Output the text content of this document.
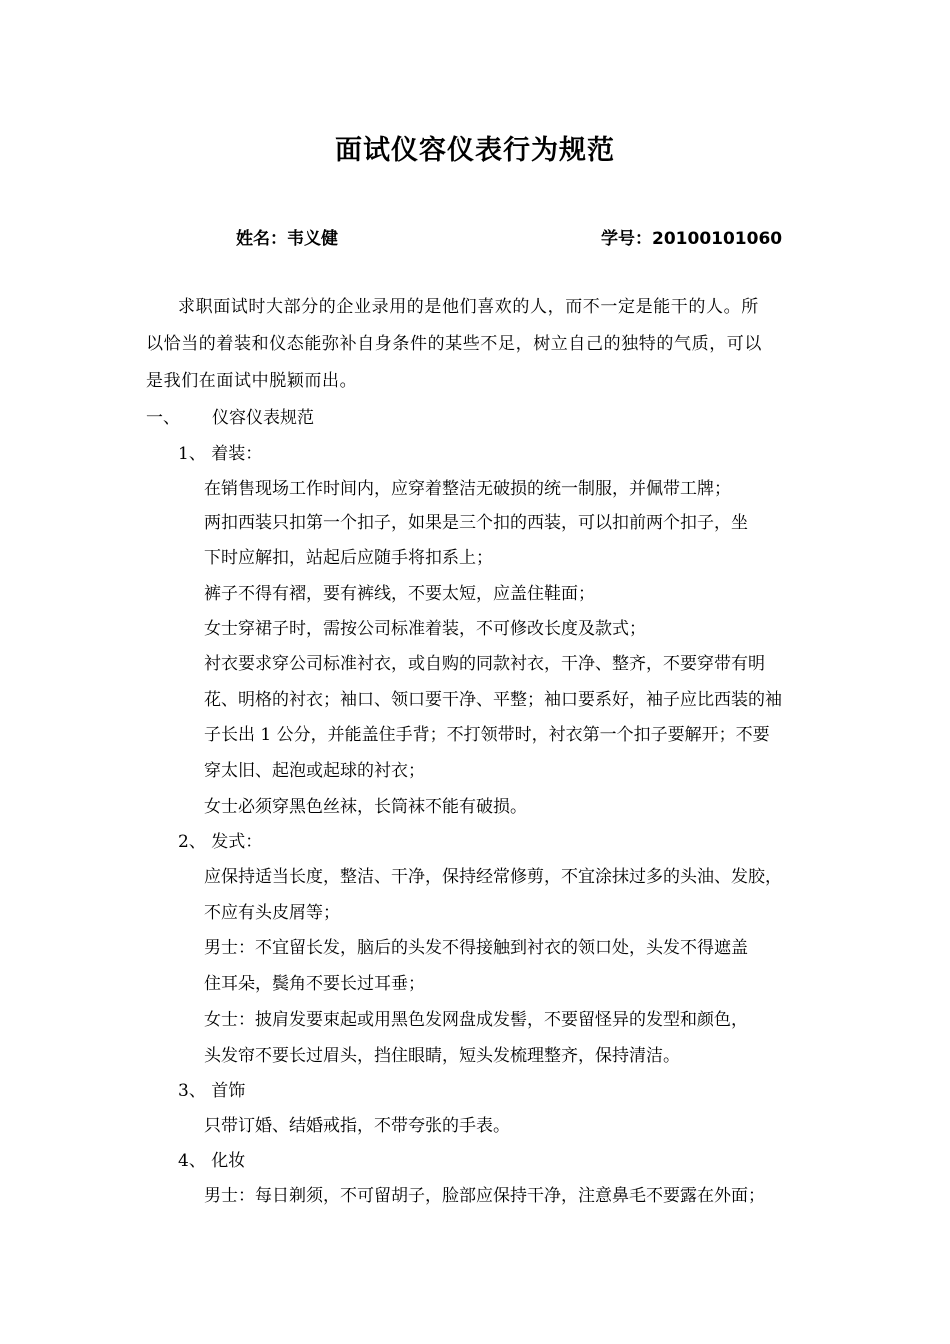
面试仪容仪表行为规范
姓名：韦义健	学号：20100101060
求职面试时大部分的企业录用的是他们喜欢的人，而不一定是能干的人。所
以恰当的着装和仪态能弥补自身条件的某些不足，树立自己的独特的气质，可以
是我们在面试中脱颖而出。
一、 仪容仪表规范
1、 着装：
在销售现场工作时间内，应穿着整洁无破损的统一制服，并佩带工牌；
两扣西装只扣第一个扣子，如果是三个扣的西装，可以扣前两个扣子，坐
下时应解扣，站起后应随手将扣系上；
裤子不得有褶，要有裤线，不要太短，应盖住鞋面；
女士穿裙子时，需按公司标准着装，不可修改长度及款式；
衬衣要求穿公司标准衬衣，或自购的同款衬衣，干净、整齐，不要穿带有明
花、明格的衬衣；袖口、领口要干净、平整；袖口要系好，袖子应比西装的袖
子长出 1 公分，并能盖住手背；不打领带时，衬衣第一个扣子要解开；不要
穿太旧、起泡或起球的衬衣；
女士必须穿黑色丝袜，长筒袜不能有破损。
2、 发式：
应保持适当长度，整洁、干净，保持经常修剪，不宜涂抹过多的头油、发胶，
不应有头皮屑等；
男士：不宜留长发，脑后的头发不得接触到衬衣的领口处，头发不得遮盖
住耳朵，鬓角不要长过耳垂；
女士：披肩发要束起或用黑色发网盘成发髻，不要留怪异的发型和颜色，
头发帘不要长过眉头，挡住眼睛，短头发梳理整齐，保持清洁。
3、 首饰
只带订婚、结婚戒指，不带夸张的手表。
4、 化妆
男士：每日剃须，不可留胡子，脸部应保持干净，注意鼻毛不要露在外面；
